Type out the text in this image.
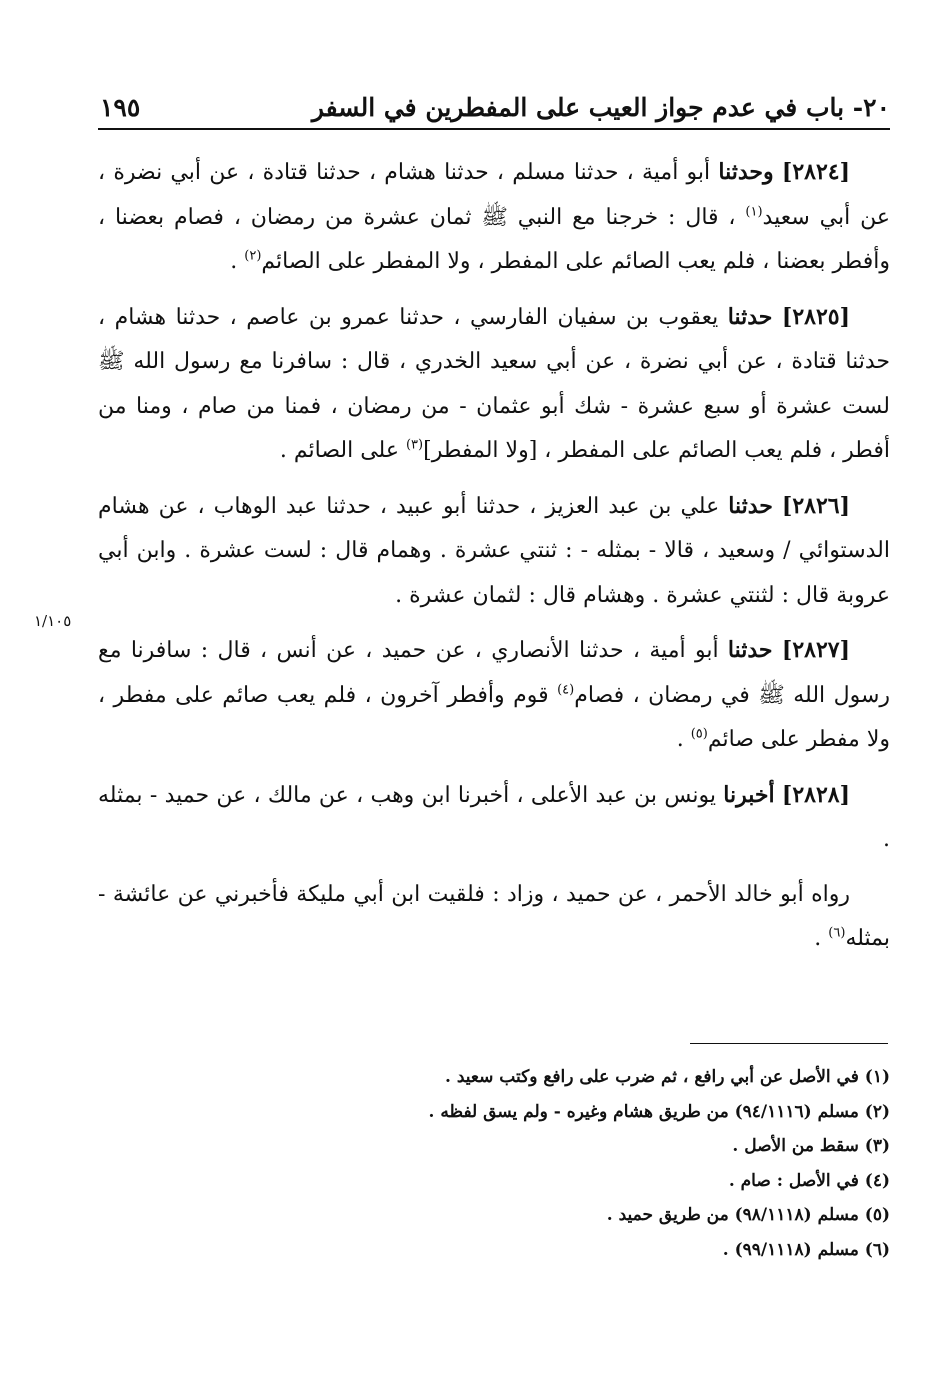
١٩٥	٢٠- باب في عدم جواز العيب على المفطرين في السفر
١/١٠٥

[٢٨٢٤] وحدثنا أبو أمية ، حدثنا مسلم ، حدثنا هشام ، حدثنا قتادة ، عن أبي نضرة ، عن أبي سعيد$^{(١)}$ ، قال : خرجنا مع النبي ﷺ ثمان عشرة من رمضان ، فصام بعضنا ، وأفطر بعضنا ، فلم يعب الصائم على المفطر ، ولا المفطر على الصائم$^{(٢)}$ .

[٢٨٢٥] حدثنا يعقوب بن سفيان الفارسي ، حدثنا عمرو بن عاصم ، حدثنا هشام ، حدثنا قتادة ، عن أبي نضرة ، عن أبي سعيد الخدري ، قال : سافرنا مع رسول الله ﷺ لست عشرة أو سبع عشرة - شك أبو عثمان - من رمضان ، فمنا من صام ، ومنا من أفطر ، فلم يعب الصائم على المفطر ، [ولا المفطر]$^{(٣)}$ على الصائم .

[٢٨٢٦] حدثنا علي بن عبد العزيز ، حدثنا أبو عبيد ، حدثنا عبد الوهاب ، عن هشام الدستوائي / وسعيد ، قالا - بمثله - : ثنتي عشرة . وهمام قال : لست عشرة . وابن أبي عروبة قال : لثنتي عشرة . وهشام قال : لثمان عشرة .

[٢٨٢٧] حدثنا أبو أمية ، حدثنا الأنصاري ، عن حميد ، عن أنس ، قال : سافرنا مع رسول الله ﷺ في رمضان ، فصام$^{(٤)}$ قوم وأفطر آخرون ، فلم يعب صائم على مفطر ، ولا مفطر على صائم$^{(٥)}$ .

[٢٨٢٨] أخبرنا يونس بن عبد الأعلى ، أخبرنا ابن وهب ، عن مالك ، عن حميد - بمثله .

رواه أبو خالد الأحمر ، عن حميد ، وزاد : فلقيت ابن أبي مليكة فأخبرني عن عائشة - بمثله$^{(٦)}$ .

(١) في الأصل عن أبي رافع ، ثم ضرب على رافع وكتب سعيد .

(٢) مسلم (٩٤/١١١٦) من طريق هشام وغيره - ولم يسق لفظه .

(٣) سقط من الأصل .

(٤) في الأصل : صام .

(٥) مسلم (٩٨/١١١٨) من طريق حميد .

(٦) مسلم (٩٩/١١١٨) .
